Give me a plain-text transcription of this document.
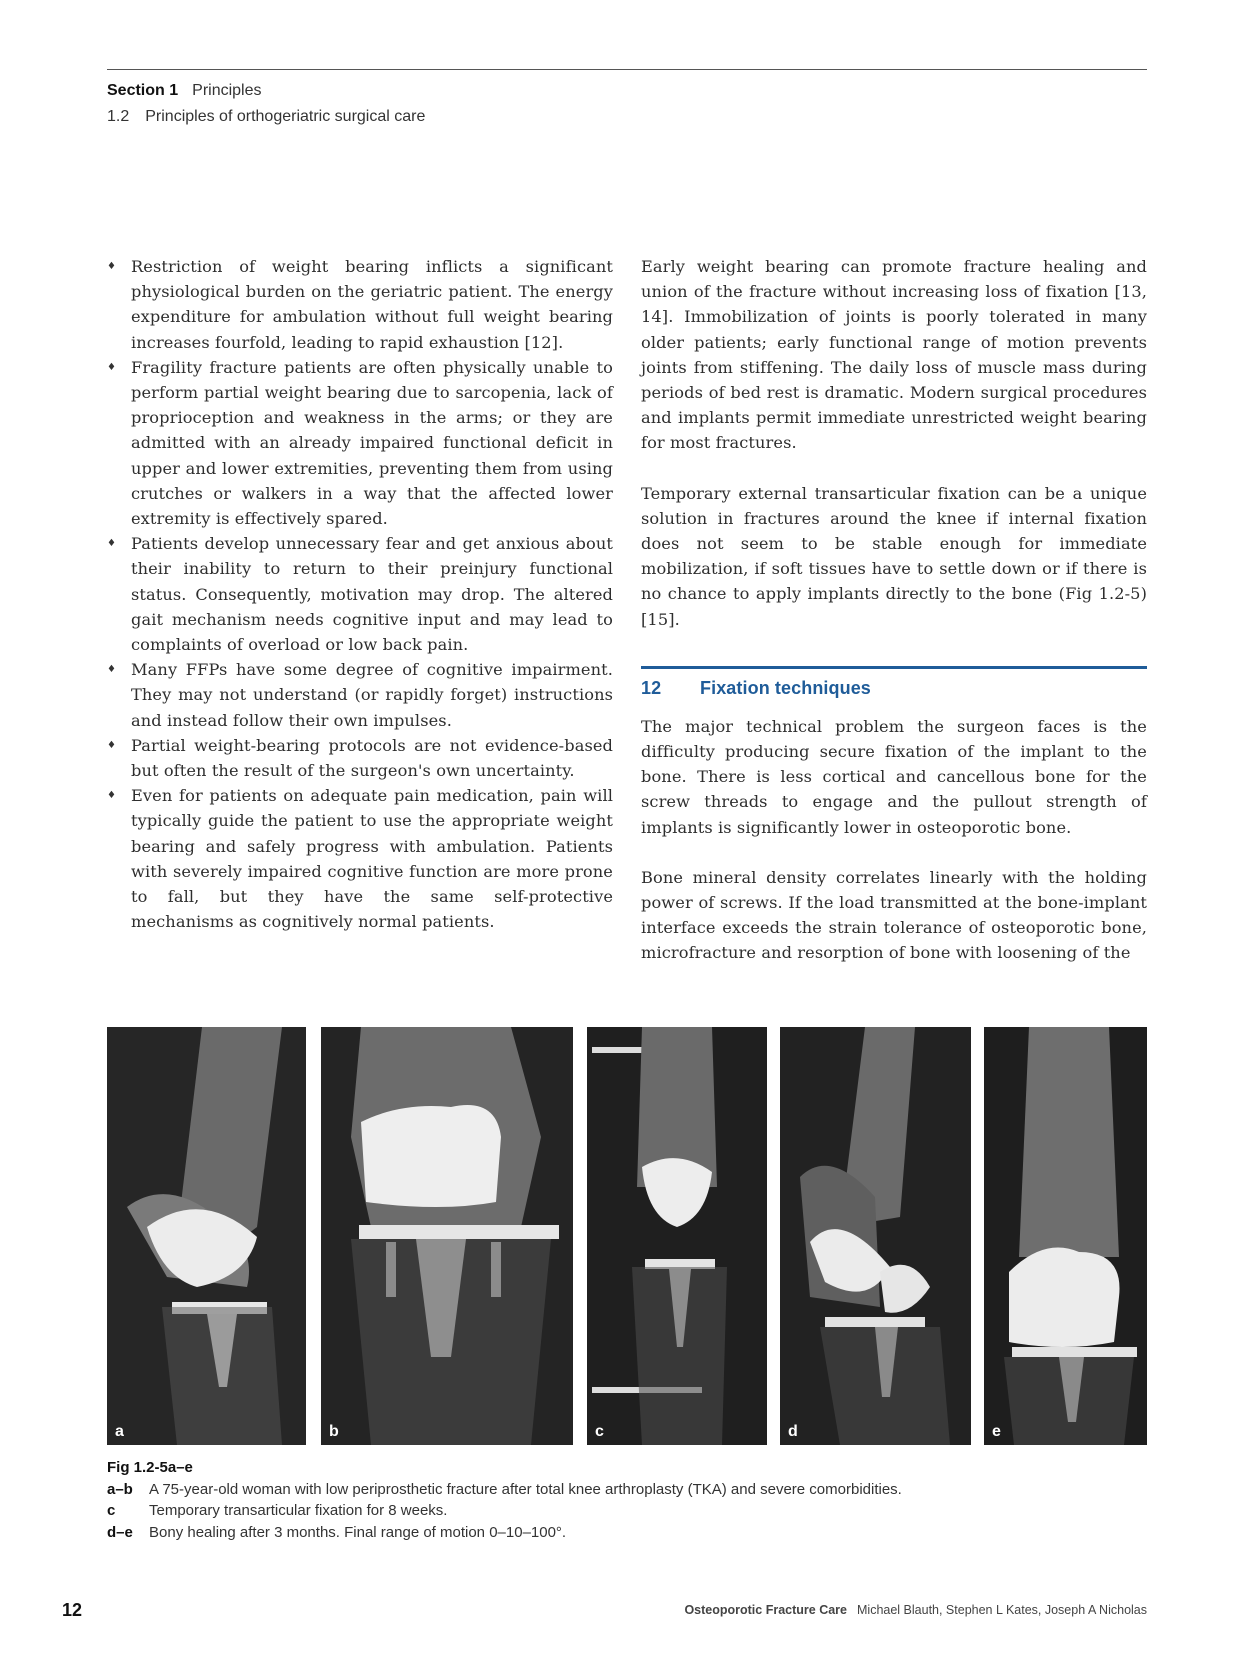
Section 1 Principles
1.2 Principles of orthogeriatric surgical care
♦ Restriction of weight bearing inflicts a significant physiological burden on the geriatric patient. The energy expenditure for ambulation without full weight bearing increases fourfold, leading to rapid exhaustion [12].
♦ Fragility fracture patients are often physically unable to perform partial weight bearing due to sarcopenia, lack of proprioception and weakness in the arms; or they are admitted with an already impaired functional deficit in upper and lower extremities, preventing them from using crutches or walkers in a way that the affected lower extremity is effectively spared.
♦ Patients develop unnecessary fear and get anxious about their inability to return to their preinjury functional status. Consequently, motivation may drop. The altered gait mechanism needs cognitive input and may lead to complaints of overload or low back pain.
♦ Many FFPs have some degree of cognitive impairment. They may not understand (or rapidly forget) instructions and instead follow their own impulses.
♦ Partial weight-bearing protocols are not evidence-based but often the result of the surgeon's own uncertainty.
♦ Even for patients on adequate pain medication, pain will typically guide the patient to use the appropriate weight bearing and safely progress with ambulation. Patients with severely impaired cognitive function are more prone to fall, but they have the same self-protective mechanisms as cognitively normal patients.

Early weight bearing can promote fracture healing and union of the fracture without increasing loss of fixation [13, 14]. Immobilization of joints is poorly tolerated in many older patients; early functional range of motion prevents joints from stiffening. The daily loss of muscle mass during periods of bed rest is dramatic. Modern surgical procedures and implants permit immediate unrestricted weight bearing for most fractures.

Temporary external transarticular fixation can be a unique solution in fractures around the knee if internal fixation does not seem to be stable enough for immediate mobilization, if soft tissues have to settle down or if there is no chance to apply implants directly to the bone (Fig 1.2-5) [15].

12	Fixation techniques

The major technical problem the surgeon faces is the difficulty producing secure fixation of the implant to the bone. There is less cortical and cancellous bone for the screw threads to engage and the pullout strength of implants is significantly lower in osteoporotic bone.

Bone mineral density correlates linearly with the holding power of screws. If the load transmitted at the bone-implant interface exceeds the strain tolerance of osteoporotic bone, microfracture and resorption of bone with loosening of the

a	b	c	d	e
Fig 1.2-5a–e
a–b	A 75-year-old woman with low periprosthetic fracture after total knee arthroplasty (TKA) and severe comorbidities.
c	Temporary transarticular fixation for 8 weeks.
d–e	Bony healing after 3 months. Final range of motion 0–10–100°.
12	Osteoporotic Fracture Care Michael Blauth, Stephen L Kates, Joseph A Nicholas
